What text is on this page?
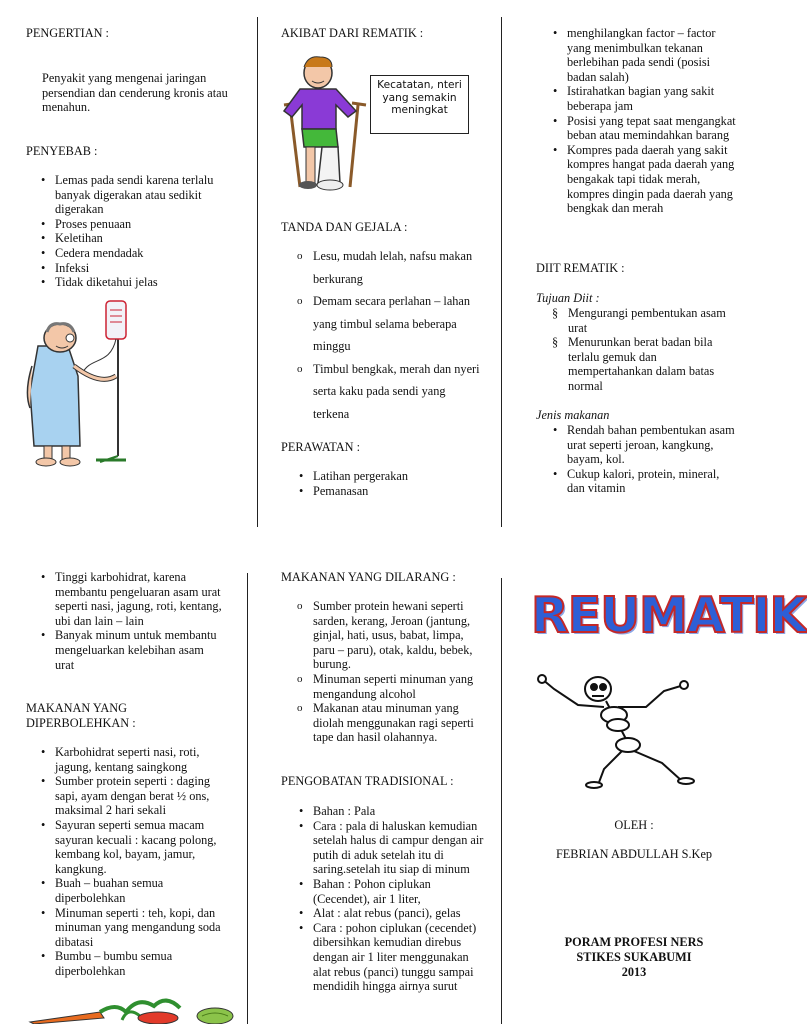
PENGERTIAN :

Penyakit yang mengenai jaringan persendian dan cenderung kronis atau menahun.

PENYEBAB :
• Lemas pada sendi karena terlalu banyak digerakan atau sedikit digerakan
• Proses penuaan
• Keletihan
• Cedera mendadak
• Infeksi
• Tidak diketahui jelas
AKIBAT DARI REMATIK :
Kecatatan, nteri yang semakin meningkat
TANDA DAN GEJALA :
o Lesu, mudah lelah, nafsu makan berkurang
o Demam secara perlahan – lahan yang timbul selama beberapa minggu
o Timbul bengkak, merah dan nyeri serta kaku pada sendi yang terkena
PERAWATAN :
• Latihan pergerakan
• Pemanasan
• menghilangkan factor – factor yang menimbulkan tekanan berlebihan pada sendi (posisi badan salah)
• Istirahatkan bagian yang sakit beberapa jam
• Posisi yang tepat saat mengangkat beban atau memindahkan barang
• Kompres pada daerah yang sakit kompres hangat pada daerah yang bengakak tapi tidak merah, kompres dingin pada daerah yang bengkak dan merah
DIIT REMATIK :
Tujuan Diit :
§ Mengurangi pembentukan asam urat
§ Menurunkan berat badan bila terlalu gemuk dan mempertahankan dalam batas normal
Jenis makanan
• Rendah bahan pembentukan asam urat seperti jeroan, kangkung, bayam, kol.
• Cukup kalori, protein, mineral, dan vitamin
• Tinggi karbohidrat, karena membantu pengeluaran asam urat seperti nasi, jagung, roti, kentang, ubi dan lain – lain
• Banyak minum untuk membantu mengeluarkan kelebihan asam urat
MAKANAN YANG DIPERBOLEHKAN :
• Karbohidrat seperti nasi, roti, jagung, kentang saingkong
• Sumber protein seperti : daging sapi, ayam dengan berat ½ ons, maksimal 2 hari sekali
• Sayuran seperti semua macam sayuran kecuali : kacang polong, kembang kol, bayam, jamur, kangkung.
• Buah – buahan semua diperbolehkan
• Minuman seperti : teh, kopi, dan minuman yang mengandung soda dibatasi
• Bumbu – bumbu semua diperbolehkan
MAKANAN YANG DILARANG :
o Sumber protein hewani seperti sarden, kerang, Jeroan (jantung, ginjal, hati, usus, babat, limpa, paru – paru), otak, kaldu, bebek, burung.
o Minuman seperti minuman yang mengandung alcohol
o Makanan atau minuman yang diolah menggunakan ragi seperti tape dan hasil olahannya.
PENGOBATAN TRADISIONAL :
• Bahan : Pala
• Cara : pala di haluskan kemudian setelah halus di campur dengan air putih di aduk setelah itu di saring.setelah itu siap di minum
• Bahan : Pohon ciplukan (Cecendet), air 1 liter,
• Alat : alat rebus (panci), gelas
• Cara : pohon ciplukan (cecendet) dibersihkan kemudian direbus dengan air 1 liter menggunakan alat rebus (panci) tunggu sampai mendidih hingga airnya surut
REUMATIK
OLEH :
FEBRIAN ABDULLAH S.Kep
PORAM PROFESI NERS
STIKES SUKABUMI
2013
